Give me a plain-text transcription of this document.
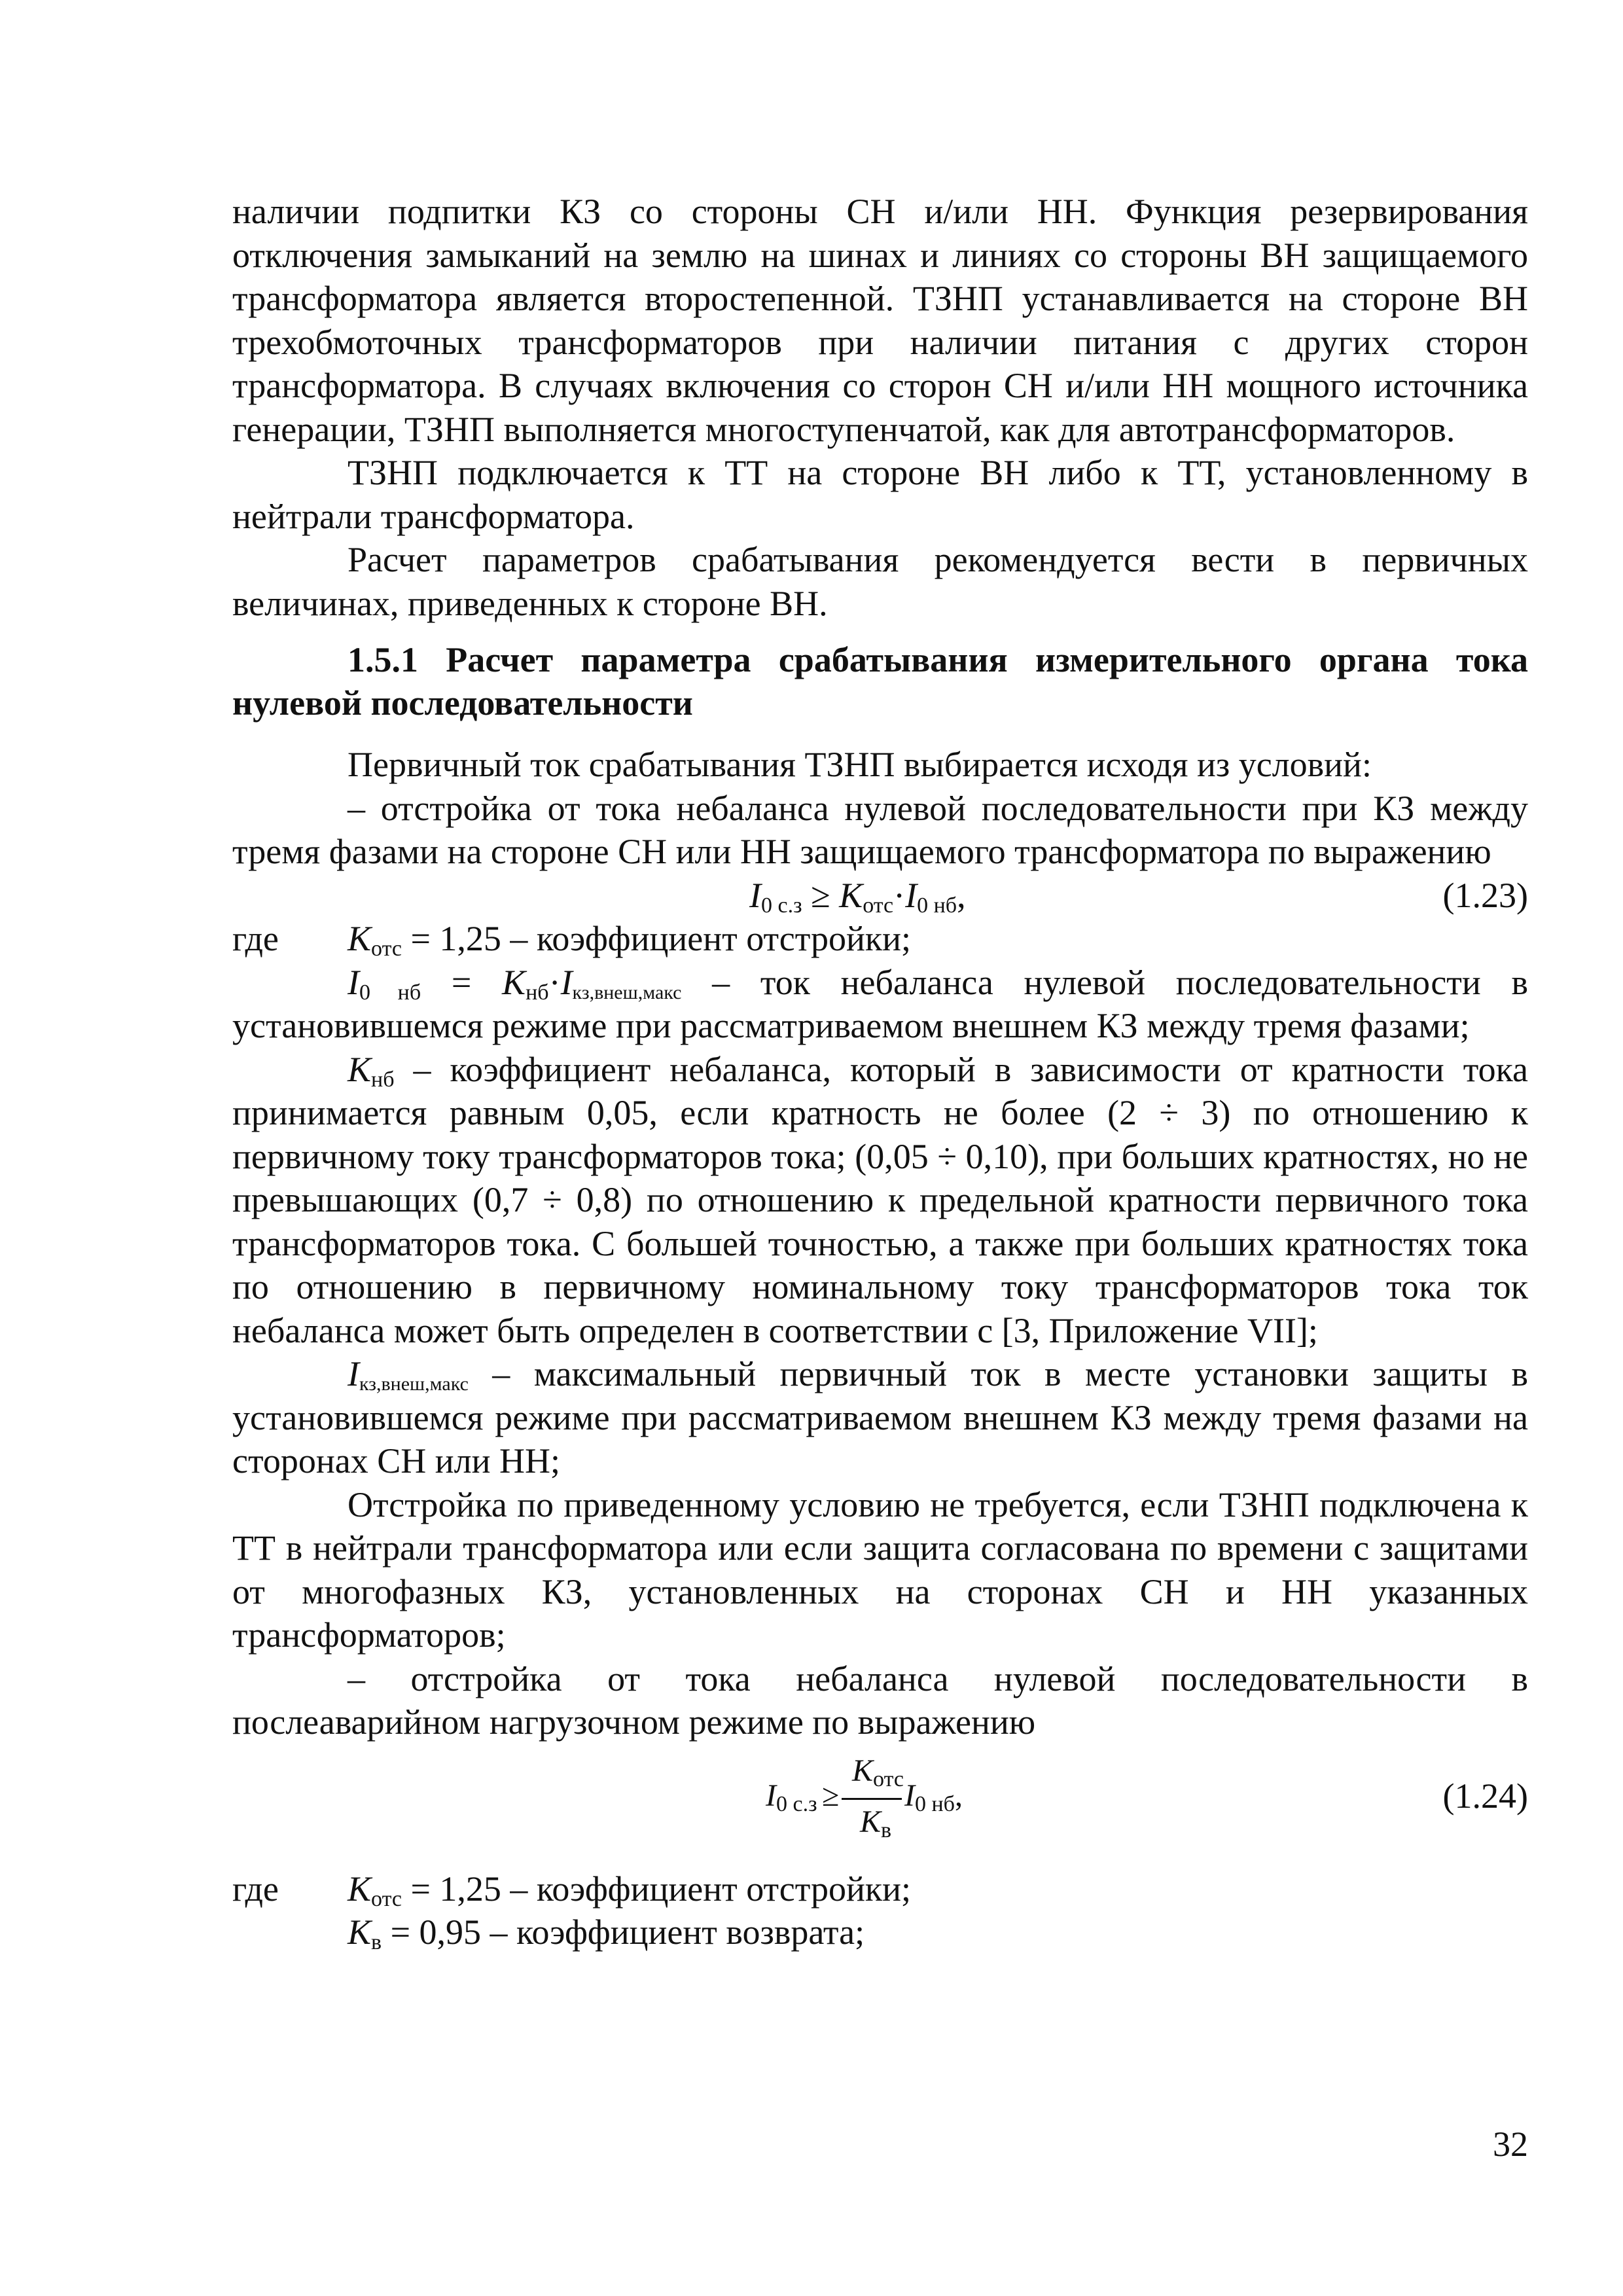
наличии подпитки КЗ со стороны СН и/или НН. Функция резервирования отключения замыканий на землю на шинах и линиях со стороны ВН защищаемого трансформатора является второстепенной. ТЗНП устанавливается на стороне ВН трехобмоточных трансформаторов при наличии питания с других сторон трансформатора. В случаях включения со сторон СН и/или НН мощного источника генерации, ТЗНП выполняется многоступенчатой, как для автотрансформаторов.

ТЗНП подключается к ТТ на стороне ВН либо к ТТ, установленному в нейтрали трансформатора.

Расчет параметров срабатывания рекомендуется вести в первичных величинах, приведенных к стороне ВН.

1.5.1 Расчет параметра срабатывания измерительного органа тока нулевой последовательности

Первичный ток срабатывания ТЗНП выбирается исходя из условий:

– отстройка от тока небаланса нулевой последовательности при КЗ между тремя фазами на стороне СН или НН защищаемого трансформатора по выражению

$I_{0 с.з} \ge K_{отс}\cdot I_{0 нб}$,	(1.23)
где $K_{отс} = 1,25$ – коэффициент отстройки;

$I_{0 нб} = K_{нб}\cdot I_{кз,внеш,макс}$ – ток небаланса нулевой последовательности в установившемся режиме при рассматриваемом внешнем КЗ между тремя фазами;

$K_{нб}$ – коэффициент небаланса, который в зависимости от кратности тока принимается равным 0,05, если кратность не более (2 ÷ 3) по отношению к первичному току трансформаторов тока; (0,05 ÷ 0,10), при больших кратностях, но не превышающих (0,7 ÷ 0,8) по отношению к предельной кратности первичного тока трансформаторов тока. С большей точностью, а также при больших кратностях тока по отношению в первичному номинальному току трансформаторов тока ток небаланса может быть определен в соответствии с [3, Приложение VII];

$I_{кз,внеш,макс}$ – максимальный первичный ток в месте установки защиты в установившемся режиме при рассматриваемом внешнем КЗ между тремя фазами на сторонах СН или НН;

Отстройка по приведенному условию не требуется, если ТЗНП подключена к ТТ в нейтрали трансформатора или если защита согласована по времени с защитами от многофазных КЗ, установленных на сторонах СН и НН указанных трансформаторов;

– отстройка от тока небаланса нулевой последовательности в послеаварийном нагрузочном режиме по выражению

$I_{0 с.з}$ ≥
$K_{отс}$
$K_в$
$I_{0 нб}$,	(1.24)
где $K_{отс} = 1,25$ – коэффициент отстройки;

$K_в = 0,95$ – коэффициент возврата;

32
